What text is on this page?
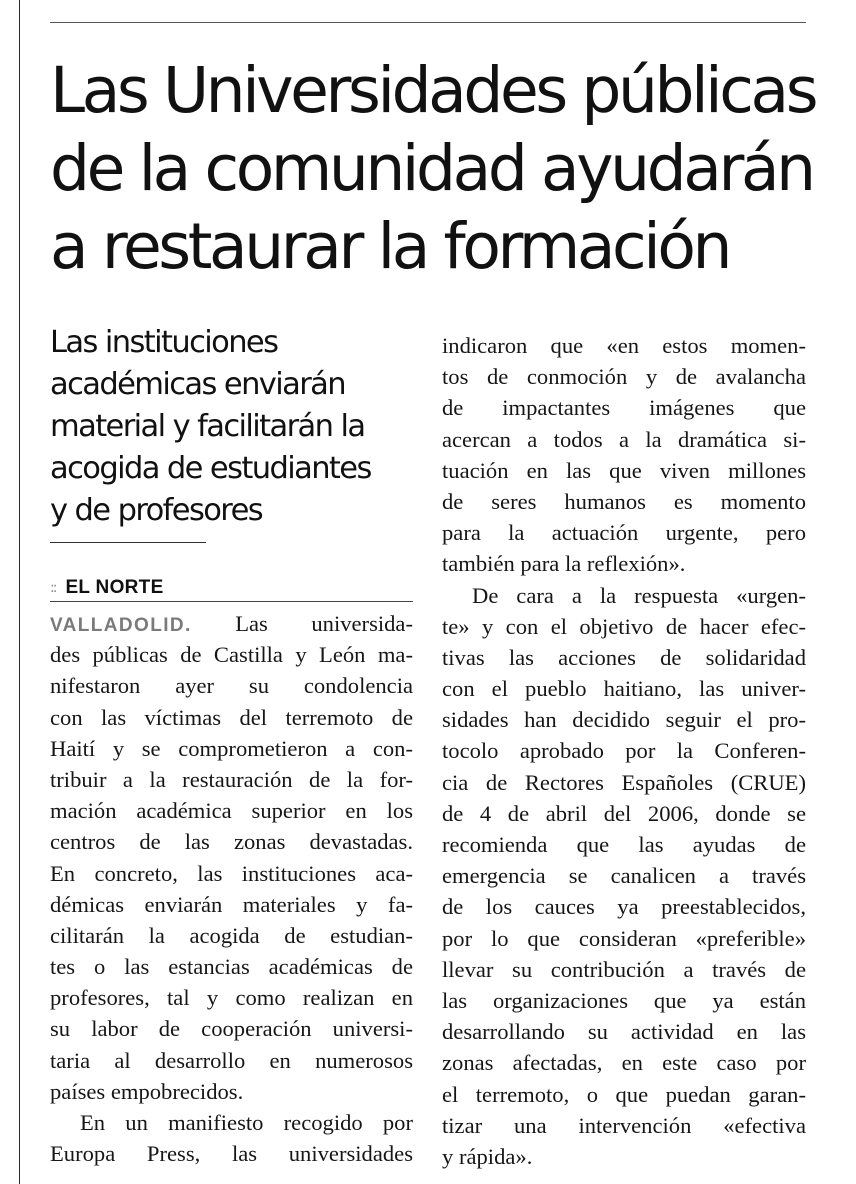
Las Universidades públicas
de la comunidad ayudarán
a restaurar la formación
Las instituciones
académicas enviarán
material y facilitarán la
acogida de estudiantes
y de profesores
:: EL NORTE
VALLADOLID. Las universida-
des públicas de Castilla y León ma-
nifestaron ayer su condolencia
con las víctimas del terremoto de
Haití y se comprometieron a con-
tribuir a la restauración de la for-
mación académica superior en los
centros de las zonas devastadas.
En concreto, las instituciones aca-
démicas enviarán materiales y fa-
cilitarán la acogida de estudian-
tes o las estancias académicas de
profesores, tal y como realizan en
su labor de cooperación universi-
taria al desarrollo en numerosos
países empobrecidos.
En un manifiesto recogido por
Europa Press, las universidades
indicaron que «en estos momen-
tos de conmoción y de avalancha
de impactantes imágenes que
acercan a todos a la dramática si-
tuación en las que viven millones
de seres humanos es momento
para la actuación urgente, pero
también para la reflexión».
De cara a la respuesta «urgen-
te» y con el objetivo de hacer efec-
tivas las acciones de solidaridad
con el pueblo haitiano, las univer-
sidades han decidido seguir el pro-
tocolo aprobado por la Conferen-
cia de Rectores Españoles (CRUE)
de 4 de abril del 2006, donde se
recomienda que las ayudas de
emergencia se canalicen a través
de los cauces ya preestablecidos,
por lo que consideran «preferible»
llevar su contribución a través de
las organizaciones que ya están
desarrollando su actividad en las
zonas afectadas, en este caso por
el terremoto, o que puedan garan-
tizar una intervención «efectiva
y rápida».
